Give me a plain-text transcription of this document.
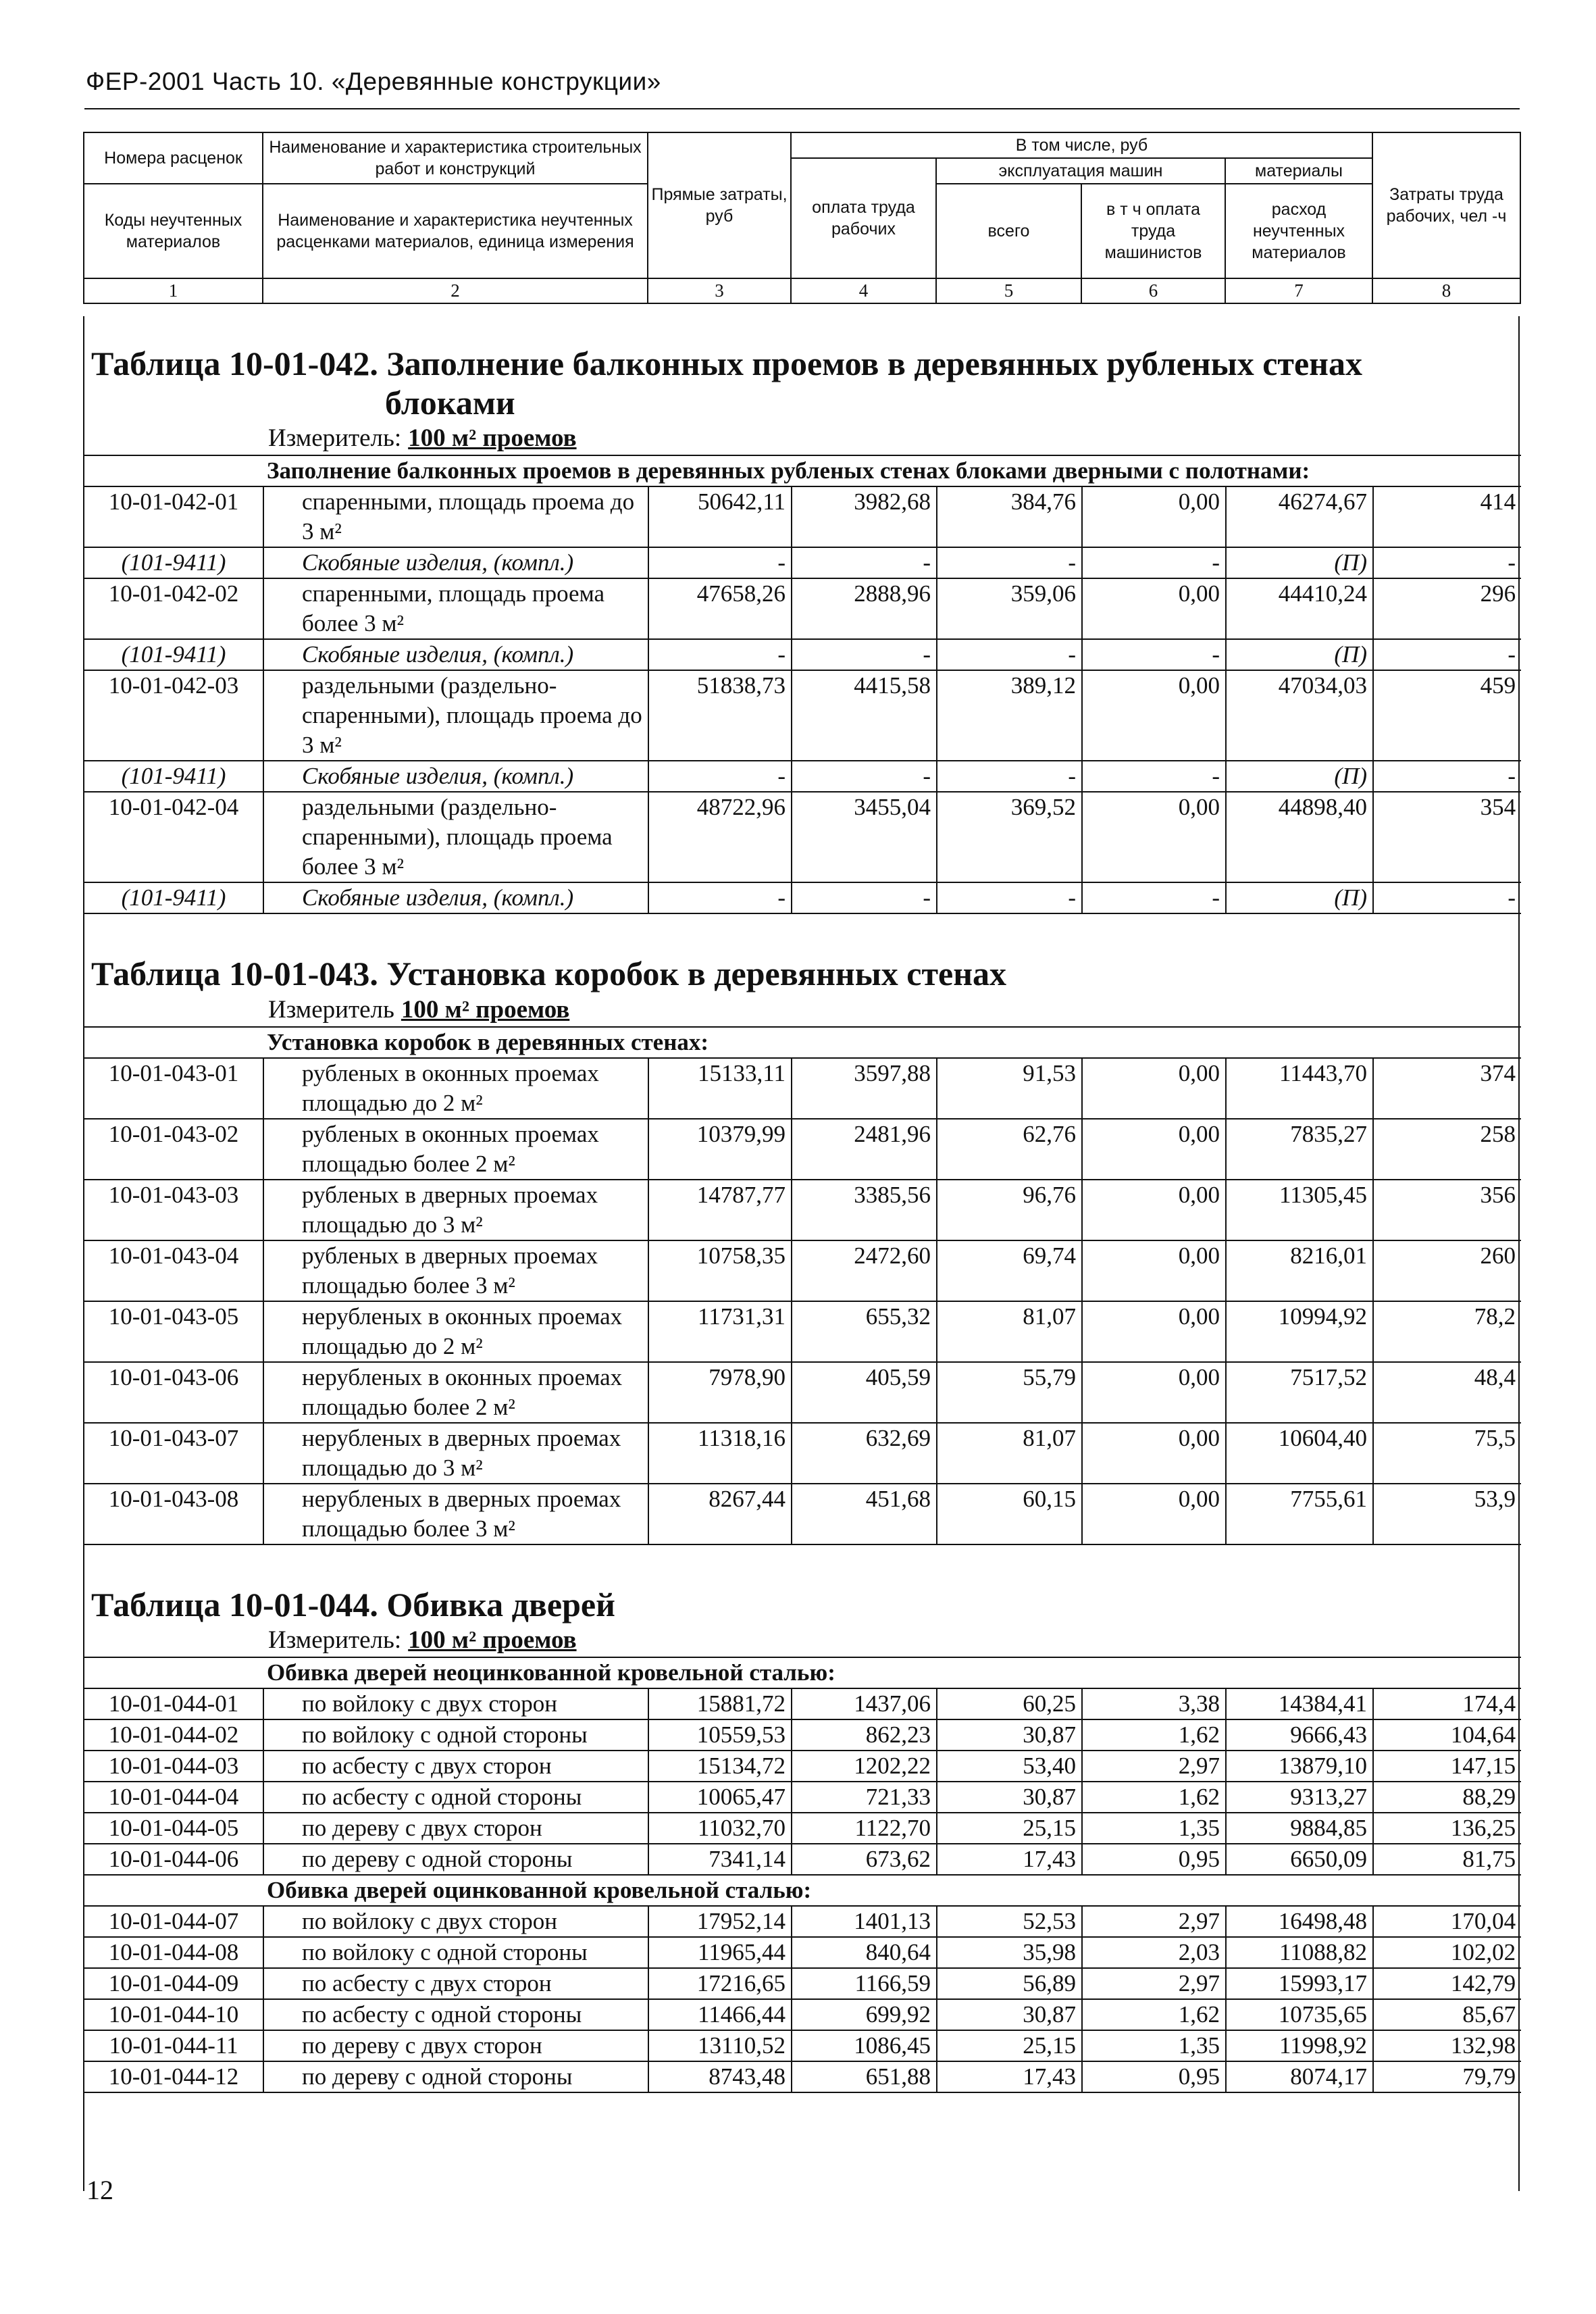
ФЕР-2001 Часть 10. «Деревянные конструкции»
Номера расценок	Наименование и характеристика строительных работ и конструкций	Прямые затраты, руб	В том числе, руб				Затраты труда рабочих, чел -ч
			оплата труда рабочих	эксплуатация машин		материалы	
Коды неучтенных материалов	Наименование и характеристика неучтенных расценками материалов, единица измерения			всего	в т ч оплата труда машинистов	расход неучтенных материалов	

1	2	3	4	5	6	7	8
Таблица 10-01-042. Заполнение балконных проемов в деревянных рубленых стенах
блоками
Измеритель: 100 м² проемов
Заполнение балконных проемов в деревянных рубленых стенах блоками дверными с полотнами:							
10-01-042-01	спаренными, площадь проема до 3 м²	50642,11	3982,68	384,76	0,00	46274,67	414
(101-9411)	Скобяные изделия, (компл.)	-	-	-	-	(П)	-
10-01-042-02	спаренными, площадь проема более 3 м²	47658,26	2888,96	359,06	0,00	44410,24	296
(101-9411)	Скобяные изделия, (компл.)	-	-	-	-	(П)	-
10-01-042-03	раздельными (раздельно-спаренными), площадь проема до 3 м²	51838,73	4415,58	389,12	0,00	47034,03	459
(101-9411)	Скобяные изделия, (компл.)	-	-	-	-	(П)	-
10-01-042-04	раздельными (раздельно-спаренными), площадь проема более 3 м²	48722,96	3455,04	369,52	0,00	44898,40	354
(101-9411)	Скобяные изделия, (компл.)	-	-	-	-	(П)	-
Таблица 10-01-043. Установка коробок в деревянных стенах
Измеритель 100 м² проемов
Установка коробок в деревянных стенах:							
10-01-043-01	рубленых в оконных проемах площадью до 2 м²	15133,11	3597,88	91,53	0,00	11443,70	374
10-01-043-02	рубленых в оконных проемах площадью более 2 м²	10379,99	2481,96	62,76	0,00	7835,27	258
10-01-043-03	рубленых в дверных проемах площадью до 3 м²	14787,77	3385,56	96,76	0,00	11305,45	356
10-01-043-04	рубленых в дверных проемах площадью более 3 м²	10758,35	2472,60	69,74	0,00	8216,01	260
10-01-043-05	нерубленых в оконных проемах площадью до 2 м²	11731,31	655,32	81,07	0,00	10994,92	78,2
10-01-043-06	нерубленых в оконных проемах площадью более 2 м²	7978,90	405,59	55,79	0,00	7517,52	48,4
10-01-043-07	нерубленых в дверных проемах площадью до 3 м²	11318,16	632,69	81,07	0,00	10604,40	75,5
10-01-043-08	нерубленых в дверных проемах площадью более 3 м²	8267,44	451,68	60,15	0,00	7755,61	53,9
Таблица 10-01-044. Обивка дверей
Измеритель: 100 м² проемов
Обивка дверей неоцинкованной кровельной сталью:							
10-01-044-01	по войлоку с двух сторон	15881,72	1437,06	60,25	3,38	14384,41	174,4
10-01-044-02	по войлоку с одной стороны	10559,53	862,23	30,87	1,62	9666,43	104,64
10-01-044-03	по асбесту с двух сторон	15134,72	1202,22	53,40	2,97	13879,10	147,15
10-01-044-04	по асбесту с одной стороны	10065,47	721,33	30,87	1,62	9313,27	88,29
10-01-044-05	по дереву с двух сторон	11032,70	1122,70	25,15	1,35	9884,85	136,25
10-01-044-06	по дереву с одной стороны	7341,14	673,62	17,43	0,95	6650,09	81,75
Обивка дверей оцинкованной кровельной сталью:							
10-01-044-07	по войлоку с двух сторон	17952,14	1401,13	52,53	2,97	16498,48	170,04
10-01-044-08	по войлоку с одной стороны	11965,44	840,64	35,98	2,03	11088,82	102,02
10-01-044-09	по асбесту с двух сторон	17216,65	1166,59	56,89	2,97	15993,17	142,79
10-01-044-10	по асбесту с одной стороны	11466,44	699,92	30,87	1,62	10735,65	85,67
10-01-044-11	по дереву с двух сторон	13110,52	1086,45	25,15	1,35	11998,92	132,98
10-01-044-12	по дереву с одной стороны	8743,48	651,88	17,43	0,95	8074,17	79,79
12
